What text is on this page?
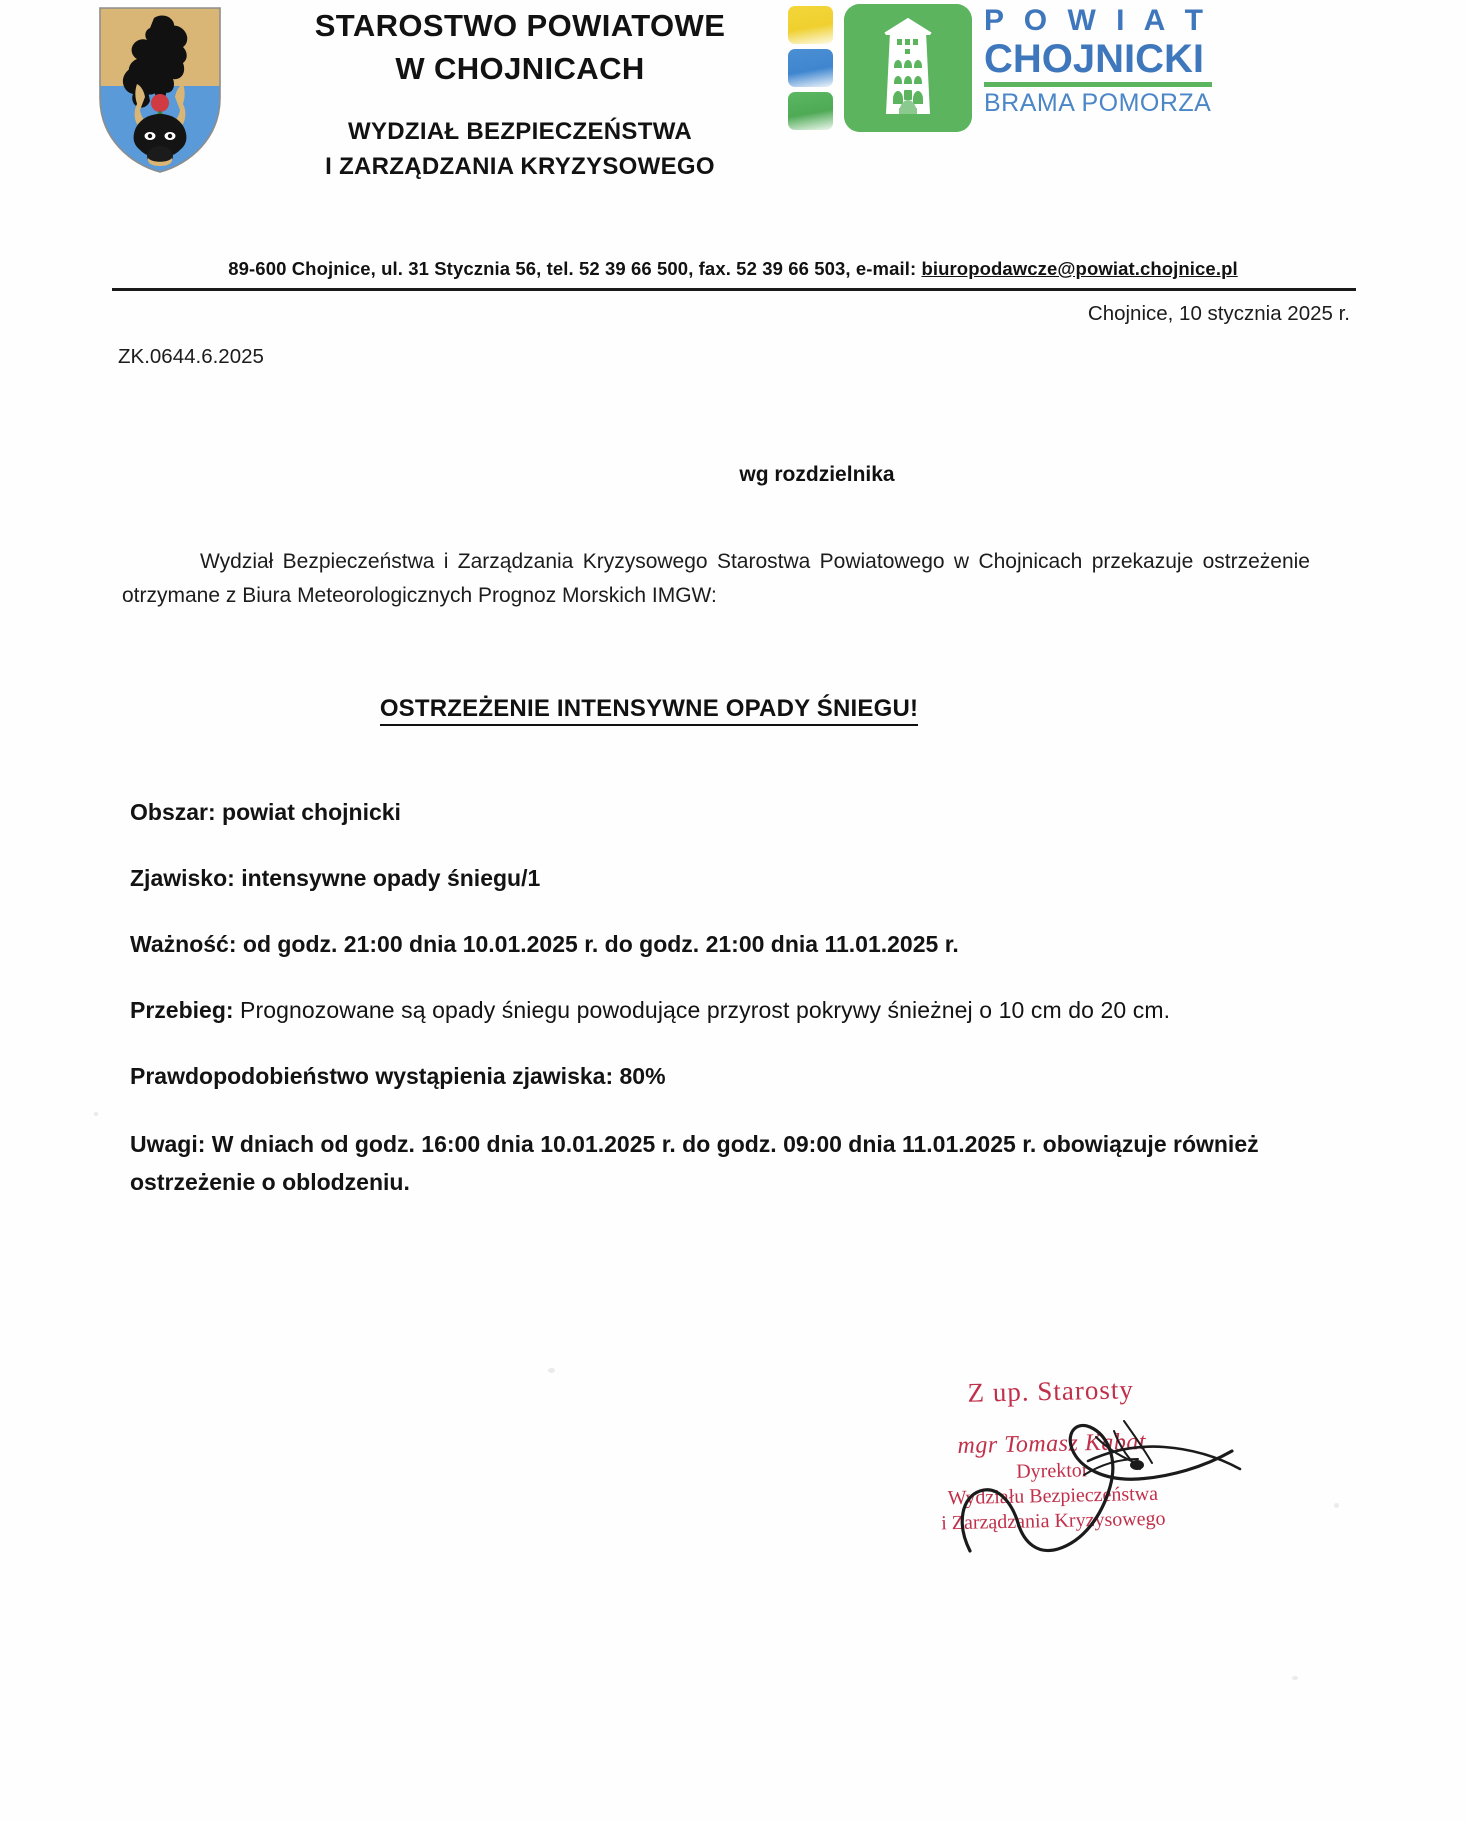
STAROSTWO POWIATOWE
W CHOJNICACH
WYDZIAŁ BEZPIECZEŃSTWA
I ZARZĄDZANIA KRYZYSOWEGO
P O W I A T
CHOJNICKI
BRAMA POMORZA
89-600 Chojnice, ul. 31 Stycznia 56, tel. 52 39 66 500, fax. 52 39 66 503, e-mail: biuropodawcze@powiat.chojnice.pl
Chojnice, 10 stycznia 2025 r.
ZK.0644.6.2025
wg rozdzielnika
Wydział Bezpieczeństwa i Zarządzania Kryzysowego Starostwa Powiatowego w Chojnicach przekazuje ostrzeżenie otrzymane z Biura Meteorologicznych Prognoz Morskich IMGW:
OSTRZEŻENIE INTENSYWNE OPADY ŚNIEGU!
Obszar: powiat chojnicki
Zjawisko: intensywne opady śniegu/1
Ważność: od godz. 21:00 dnia 10.01.2025 r. do godz. 21:00 dnia 11.01.2025 r.
Przebieg: Prognozowane są opady śniegu powodujące przyrost pokrywy śnieżnej o 10 cm do 20 cm.
Prawdopodobieństwo wystąpienia zjawiska: 80%
Uwagi: W dniach od godz. 16:00 dnia 10.01.2025 r. do godz. 09:00 dnia 11.01.2025 r. obowiązuje również ostrzeżenie o oblodzeniu.
Z up. Starosty
mgr Tomasz Kabat
Dyrektor
Wydziału Bezpieczeństwa
i Zarządzania Kryzysowego
